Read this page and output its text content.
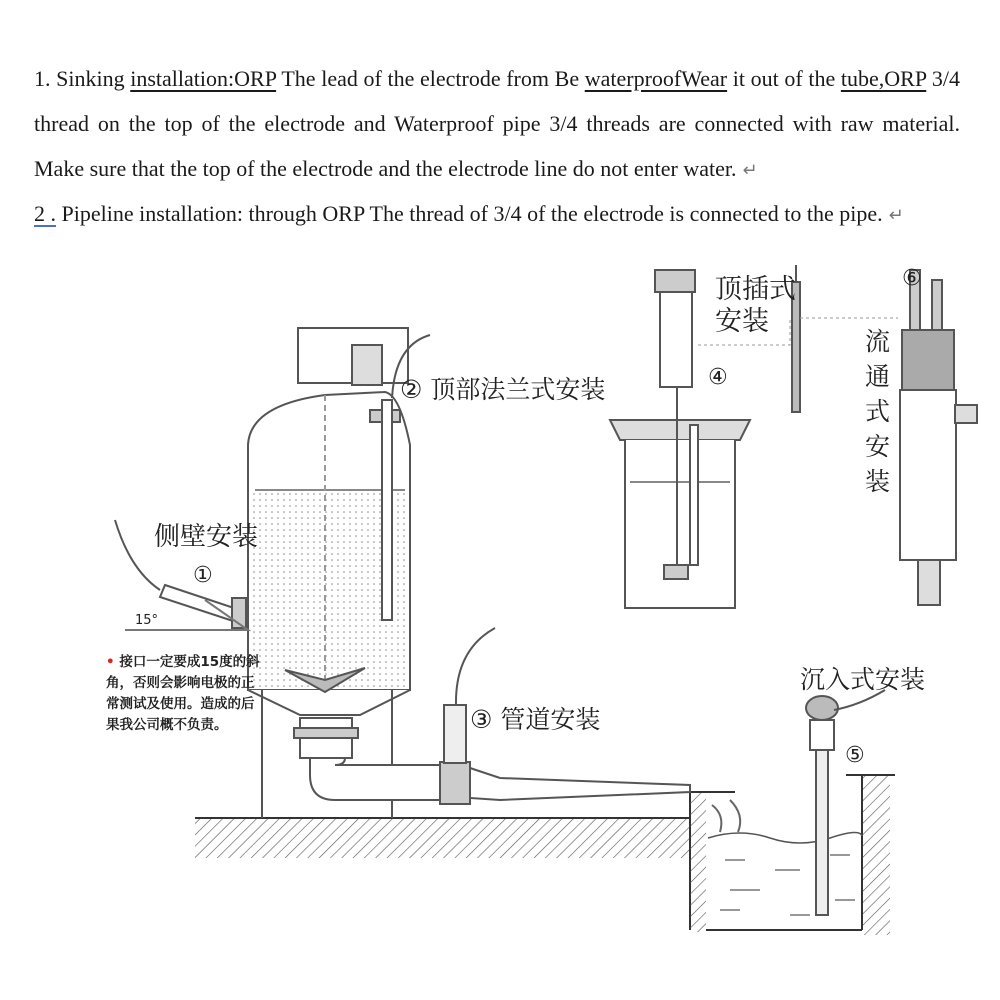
1. Sinking installation:ORP The lead of the electrode from Be waterproofWear it out of the tube,ORP 3/4 thread on the top of the electrode and Waterproof pipe 3/4 threads are connected with raw material. Make sure that the top of the electrode and the electrode line do not enter water. ↵
2 . Pipeline installation: through ORP The thread of 3/4 of the electrode is connected to the pipe. ↵
侧壁安装
①
15°
② 顶部法兰式安装
③ 管道安装
④
顶插式
安装
⑤
沉入式安装
⑥
流
通
式
安
装
• 接口一定要成15度的斜角，否则会影响电极的正常测试及使用。造成的后果我公司概不负责。
